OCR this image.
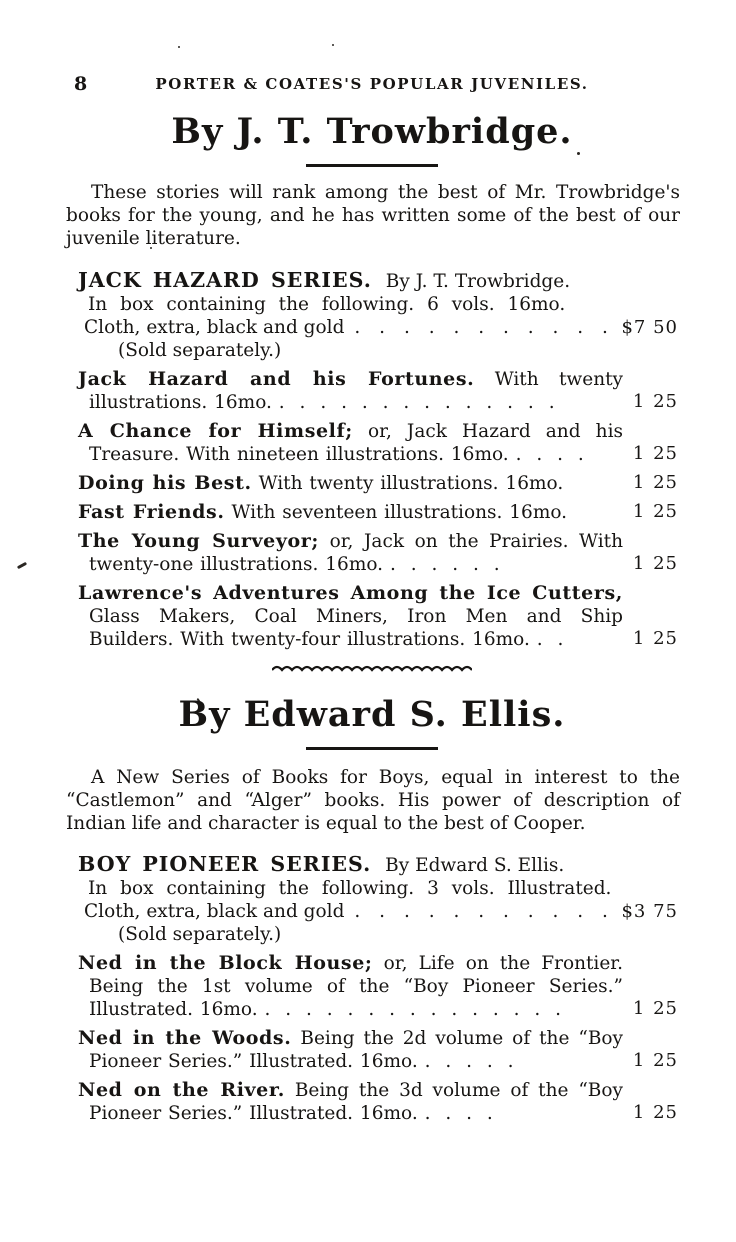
8	PORTER & COATES'S POPULAR JUVENILES.
By J. T. Trowbridge.

These stories will rank among the best of Mr. Trowbridge's books for the young, and he has written some of the best of our juvenile literature.

JACK HAZARD SERIES. By J. T. Trowbridge.
In box containing the following. 6 vols. 16mo.
Cloth, extra, black and gold . . . . . . . . . . . $7 50
(Sold separately.)
Jack Hazard and his Fortunes. With twenty illustrations. 16mo. . . . . . . . . . . . . . .	1 25
A Chance for Himself; or, Jack Hazard and his Treasure. With nineteen illustrations. 16mo. . . . .	1 25
Doing his Best. With twenty illustrations. 16mo.	1 25
Fast Friends. With seventeen illustrations. 16mo.	1 25
The Young Surveyor; or, Jack on the Prairies. With twenty-one illustrations. 16mo. . . . . . .	1 25
Lawrence's Adventures Among the Ice Cutters, Glass Makers, Coal Miners, Iron Men and Ship Builders. With twenty-four illustrations. 16mo. . .	1 25
By Edward S. Ellis.

A New Series of Books for Boys, equal in interest to the “Castlemon” and “Alger” books. His power of description of Indian life and character is equal to the best of Cooper.

BOY PIONEER SERIES. By Edward S. Ellis.
In box containing the following. 3 vols. Illustrated.
Cloth, extra, black and gold . . . . . . . . . . . $3 75
(Sold separately.)
Ned in the Block House; or, Life on the Frontier. Being the 1st volume of the “Boy Pioneer Series.” Illustrated. 16mo. . . . . . . . . . . . . . . .	1 25
Ned in the Woods. Being the 2d volume of the “Boy Pioneer Series.” Illustrated. 16mo. . . . . .	1 25
Ned on the River. Being the 3d volume of the “Boy Pioneer Series.” Illustrated. 16mo. . . . .	1 25
